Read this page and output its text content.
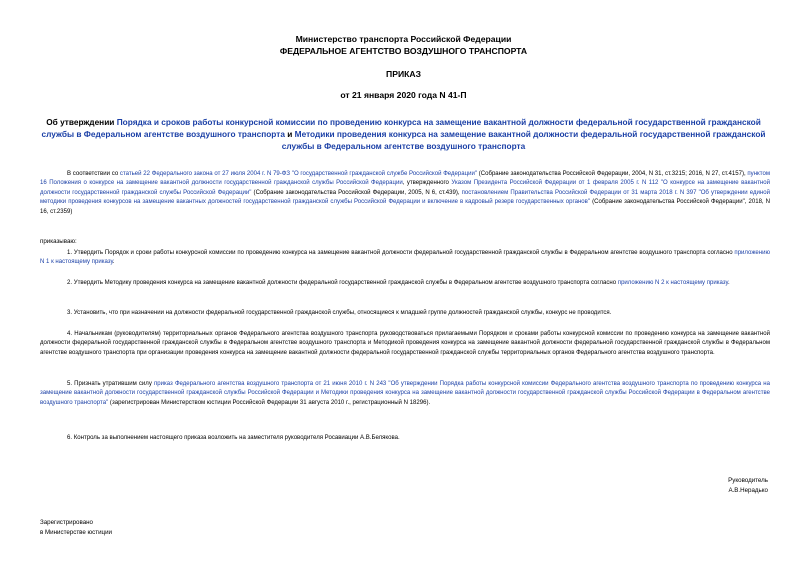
Министерство транспорта Российской Федерации
ФЕДЕРАЛЬНОЕ АГЕНТСТВО ВОЗДУШНОГО ТРАНСПОРТА
ПРИКАЗ
от 21 января 2020 года N 41-П
Об утверждении Порядка и сроков работы конкурсной комиссии по проведению конкурса на замещение вакантной должности федеральной государственной гражданской службы в Федеральном агентстве воздушного транспорта и Методики проведения конкурса на замещение вакантной должности федеральной государственной гражданской службы в Федеральном агентстве воздушного транспорта
В соответствии со статьей 22 Федерального закона от 27 июля 2004 г. N 79-ФЗ "О государственной гражданской службе Российской Федерации" (Собрание законодательства Российской Федерации, 2004, N 31, ст.3215; 2016, N 27, ст.4157), пунктом 16 Положения о конкурсе на замещение вакантной должности государственной гражданской службы Российской Федерации, утвержденного Указом Президента Российской Федерации от 1 февраля 2005 г. N 112 "О конкурсе на замещение вакантной должности государственной гражданской службы Российской Федерации" (Собрание законодательства Российской Федерации, 2005, N 6, ст.439), постановлением Правительства Российской Федерации от 31 марта 2018 г. N 397 "Об утверждении единой методики проведения конкурсов на замещение вакантных должностей государственной гражданской службы Российской Федерации и включение в кадровый резерв государственных органов" (Собрание законодательства Российской Федерации", 2018, N 16, ст.2359)
приказываю:
1. Утвердить Порядок и сроки работы конкурсной комиссии по проведению конкурса на замещение вакантной должности федеральной государственной гражданской службы в Федеральном агентстве воздушного транспорта согласно приложению N 1 к настоящему приказу.
2. Утвердить Методику проведения конкурса на замещение вакантной должности федеральной государственной гражданской службы в Федеральном агентстве воздушного транспорта согласно приложению N 2 к настоящему приказу.
3. Установить, что при назначении на должности федеральной государственной гражданской службы, относящиеся к младшей группе должностей гражданской службы, конкурс не проводится.
4. Начальникам (руководителям) территориальных органов Федерального агентства воздушного транспорта руководствоваться прилагаемыми Порядком и сроками работы конкурсной комиссии по проведению конкурса на замещение вакантной должности федеральной государственной гражданской службы в Федеральном агентстве воздушного транспорта и Методикой проведения конкурса на замещение вакантной должности федеральной государственной гражданской службы в Федеральном агентстве воздушного транспорта при организации проведения конкурса на замещение вакантной должности федеральной государственной гражданской службы территориальных органов Федерального агентства воздушного транспорта.
5. Признать утратившим силу приказ Федерального агентства воздушного транспорта от 21 июня 2010 г. N 243 "Об утверждении Порядка работы конкурсной комиссии Федерального агентства воздушного транспорта по проведению конкурса на замещение вакантной должности государственной гражданской службы Российской Федерации и Методики проведения конкурса на замещение вакантной должности государственной гражданской службы Российской Федерации в Федеральном агентстве воздушного транспорта" (зарегистрирован Министерством юстиции Российской Федерации 31 августа 2010 г., регистрационный N 18296).
6. Контроль за выполнением настоящего приказа возложить на заместителя руководителя Росавиации А.В.Белякова.
Руководитель
А.В.Нерадько
Зарегистрировано
в Министерстве юстиции
